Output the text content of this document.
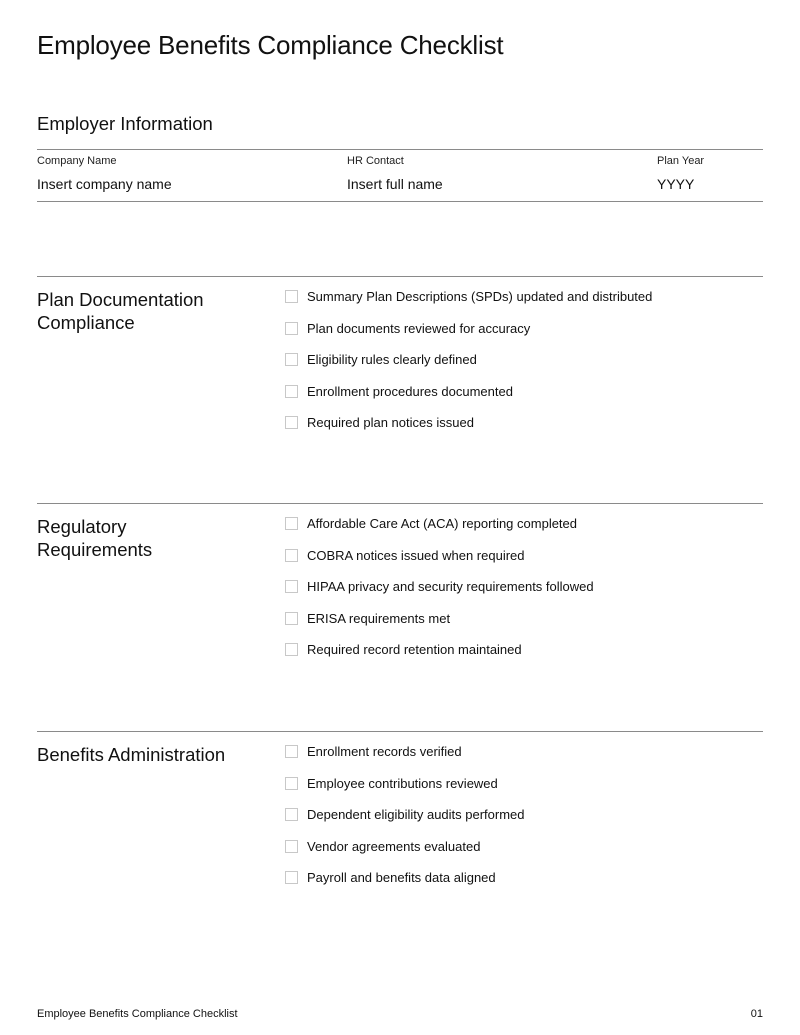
Employee Benefits Compliance Checklist
Employer Information
Company Name
Insert company name
HR Contact
Insert full name
Plan Year
YYYY
Plan Documentation Compliance
Summary Plan Descriptions (SPDs) updated and distributed
Plan documents reviewed for accuracy
Eligibility rules clearly defined
Enrollment procedures documented
Required plan notices issued
Regulatory Requirements
Affordable Care Act (ACA) reporting completed
COBRA notices issued when required
HIPAA privacy and security requirements followed
ERISA requirements met
Required record retention maintained
Benefits Administration	Enrollment records verified
Employee contributions reviewed
Dependent eligibility audits performed
Vendor agreements evaluated
Payroll and benefits data aligned
Employee Benefits Compliance Checklist	01
